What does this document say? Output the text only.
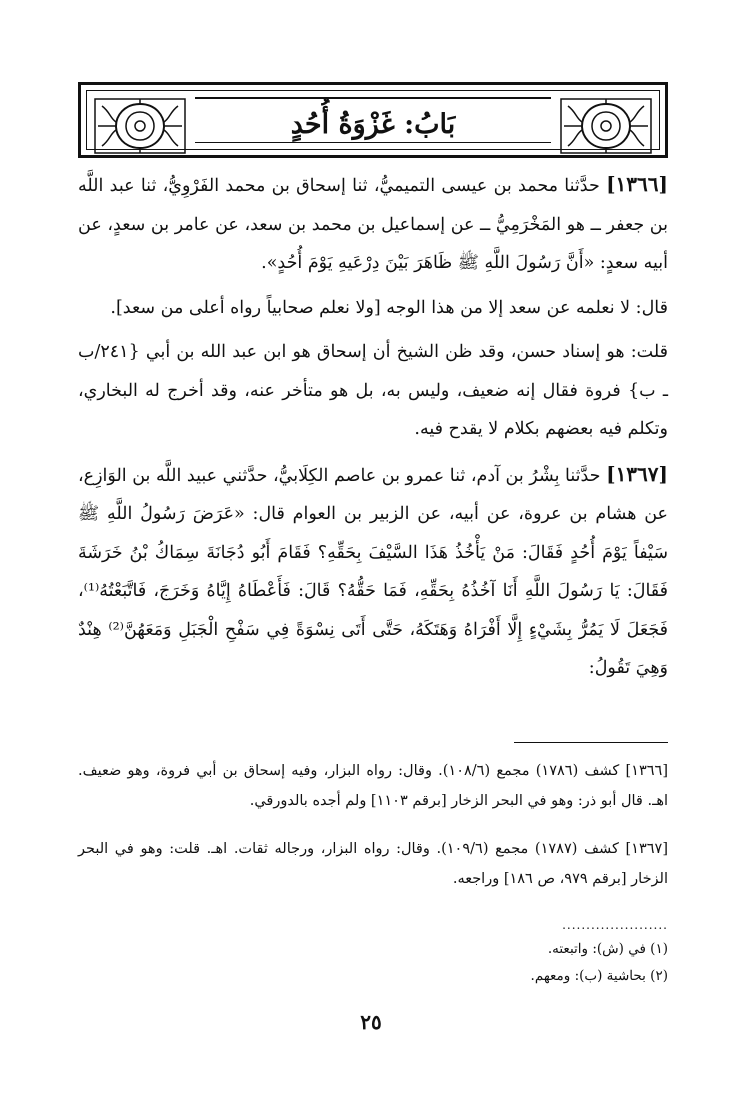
بَابُ: غَزْوَةُ أُحُدٍ

[١٣٦٦] حدَّثنا محمد بن عيسى التميميُّ، ثنا إسحاق بن محمد الفَرْوِيُّ، ثنا عبد اللَّه بن جعفر ــ هو المَخْرَمِيُّ ــ عن إسماعيل بن محمد بن سعد، عن عامر بن سعدٍ، عن أبيه سعدٍ: «أَنَّ رَسُولَ اللَّهِ ﷺ ظَاهَرَ بَيْنَ دِرْعَيهِ يَوْمَ أُحُدٍ».

قال: لا نعلمه عن سعد إلا من هذا الوجه [ولا نعلم صحابياً رواه أعلى من سعد].

قلت: هو إسناد حسن، وقد ظن الشيخ أن إسحاق هو ابن عبد الله بن أبي {٢٤١/ب ـ ب} فروة فقال إنه ضعيف، وليس به، بل هو متأخر عنه، وقد أخرج له البخاري، وتكلم فيه بعضهم بكلام لا يقدح فيه.

[١٣٦٧] حدَّثنا بِشْرُ بن آدم، ثنا عمرو بن عاصم الكِلَابيُّ، حدَّثني عبيد اللَّه بن الوَازِع، عن هشام بن عروة، عن أبيه، عن الزبير بن العوام قال: «عَرَضَ رَسُولُ اللَّهِ ﷺ سَيْفاً يَوْمَ أُحُدٍ فَقَالَ: مَنْ يَأْخُذُ هَذَا السَّيْفَ بِحَقِّهِ؟ فَقَامَ أَبُو دُجَانَةَ سِمَاكُ بْنُ خَرَشَةَ فَقَالَ: يَا رَسُولَ اللَّهِ أَنَا آخُذُهُ بِحَقِّهِ، فَمَا حَقُّهُ؟ قَالَ: فَأَعْطَاهُ إِيَّاهُ وَخَرَجَ، فَاتَّبَعْتُهُ⁽¹⁾، فَجَعَلَ لَا يَمُرُّ بِشَيْءٍ إِلَّا أَفْرَاهُ وَهَتَكَهُ، حَتَّى أَتَى نِسْوَةً فِي سَفْحِ الْجَبَلِ وَمَعَهُنَّ⁽²⁾ هِنْدٌ وَهِيَ تَقُولُ:

[١٣٦٦] كشف (١٧٨٦) مجمع (١٠٨/٦). وقال: رواه البزار، وفيه إسحاق بن أبي فروة، وهو ضعيف. اهـ. قال أبو ذر: وهو في البحر الزخار [برقم ١١٠٣] ولم أجده بالدورقي.

[١٣٦٧] كشف (١٧٨٧) مجمع (١٠٩/٦). وقال: رواه البزار، ورجاله ثقات. اهـ. قلت: وهو في البحر الزخار [برقم ٩٧٩، ص ١٨٦] وراجعه.

......................
(١) في (ش): واتبعته.
(٢) بحاشية (ب): ومعهم.
٢٥
